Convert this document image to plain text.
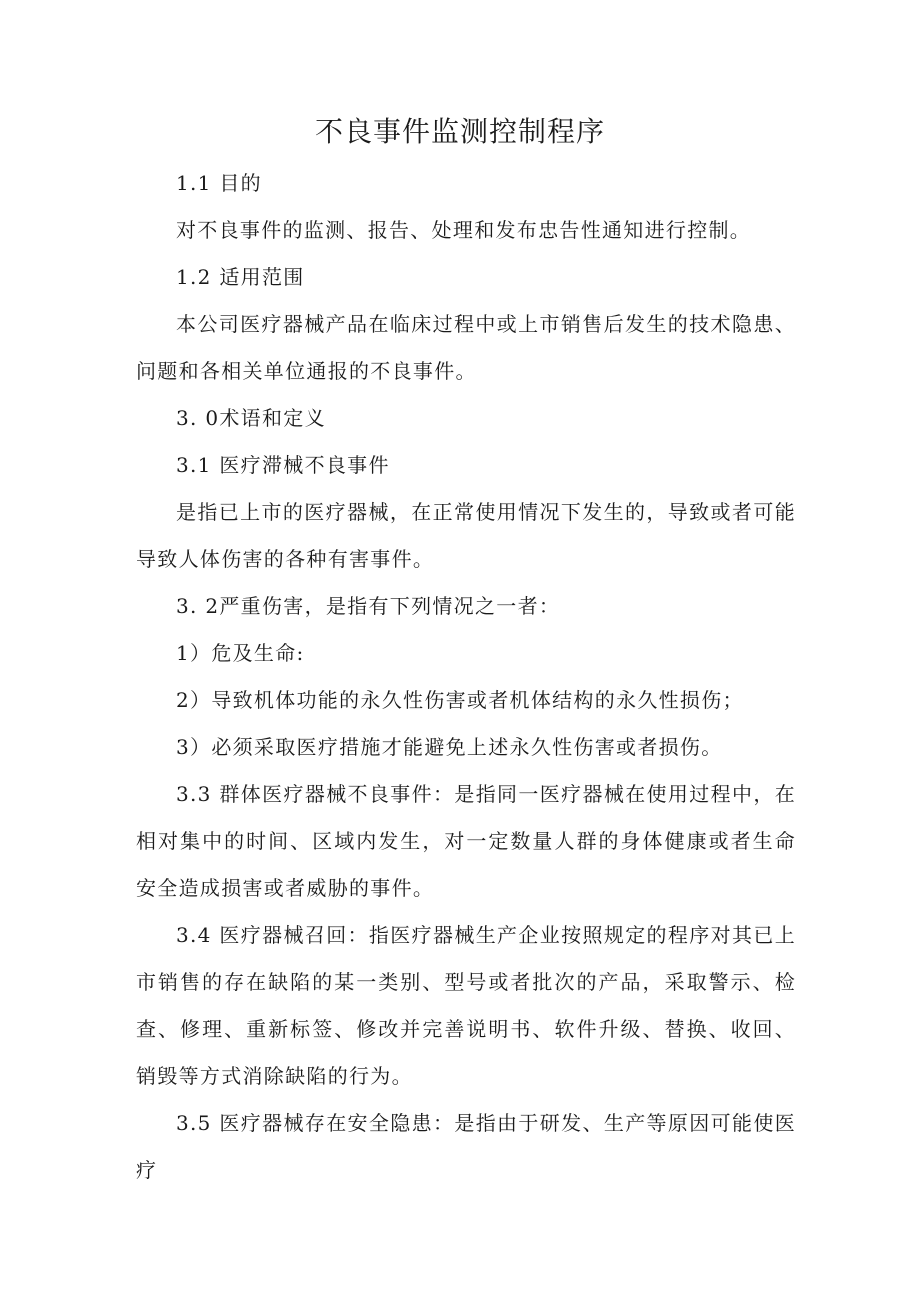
不良事件监测控制程序

1.1 目的

对不良事件的监测、报告、处理和发布忠告性通知进行控制。

1.2 适用范围

本公司医疗器械产品在临床过程中或上市销售后发生的技术隐患、问题和各相关单位通报的不良事件。

3. 0术语和定义

3.1 医疗滞械不良事件

是指已上市的医疗器械，在正常使用情况下发生的，导致或者可能导致人体伤害的各种有害事件。

3. 2严重伤害，是指有下列情况之一者：

1）危及生命:

2）导致机体功能的永久性伤害或者机体结构的永久性损伤；

3）必须采取医疗措施才能避免上述永久性伤害或者损伤。

3.3 群体医疗器械不良事件：是指同一医疗器械在使用过程中，在相对集中的时间、区域内发生，对一定数量人群的身体健康或者生命安全造成损害或者威胁的事件。

3.4 医疗器械召回：指医疗器械生产企业按照规定的程序对其已上市销售的存在缺陷的某一类别、型号或者批次的产品，采取警示、检查、修理、重新标签、修改并完善说明书、软件升级、替换、收回、销毁等方式消除缺陷的行为。

3.5 医疗器械存在安全隐患：是指由于研发、生产等原因可能使医疗
